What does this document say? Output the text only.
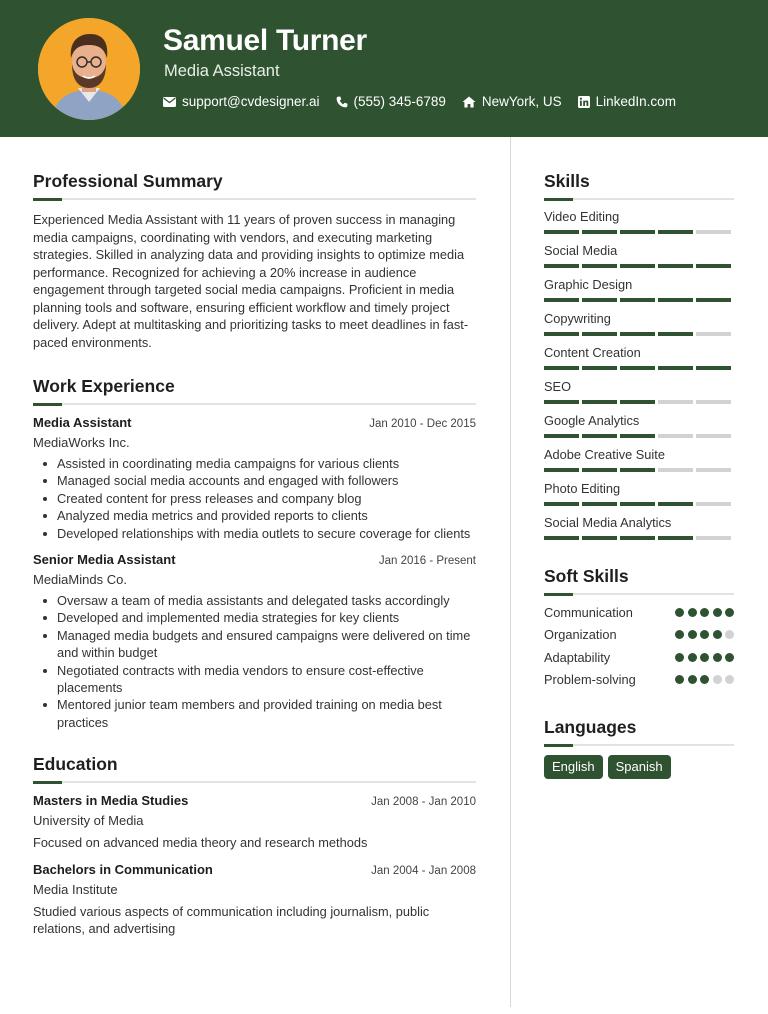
Samuel Turner
Media Assistant
support@cvdesigner.ai	(555) 345-6789	NewYork, US	LinkedIn.com
Professional Summary

Experienced Media Assistant with 11 years of proven success in managing media campaigns, coordinating with vendors, and executing marketing strategies. Skilled in analyzing data and providing insights to optimize media performance. Recognized for achieving a 20% increase in audience engagement through targeted social media campaigns. Proficient in media planning tools and software, ensuring efficient workflow and timely project delivery. Adept at multitasking and prioritizing tasks to meet deadlines in fast-paced environments.

Work Experience
Media Assistant	Jan 2010 - Dec 2015
MediaWorks Inc.
Assisted in coordinating media campaigns for various clients
Managed social media accounts and engaged with followers
Created content for press releases and company blog
Analyzed media metrics and provided reports to clients
Developed relationships with media outlets to secure coverage for clients
Senior Media Assistant	Jan 2016 - Present
MediaMinds Co.
Oversaw a team of media assistants and delegated tasks accordingly
Developed and implemented media strategies for key clients
Managed media budgets and ensured campaigns were delivered on time and within budget
Negotiated contracts with media vendors to ensure cost-effective placements
Mentored junior team members and provided training on media best practices
Education
Masters in Media Studies	Jan 2008 - Jan 2010
University of Media

Focused on advanced media theory and research methods

Bachelors in Communication	Jan 2004 - Jan 2008
Media Institute

Studied various aspects of communication including journalism, public relations, and advertising

Skills
Video Editing
Social Media
Graphic Design
Copywriting
Content Creation
SEO
Google Analytics
Adobe Creative Suite
Photo Editing
Social Media Analytics
Soft Skills
Communication
Organization
Adaptability
Problem-solving
Languages
English	Spanish
